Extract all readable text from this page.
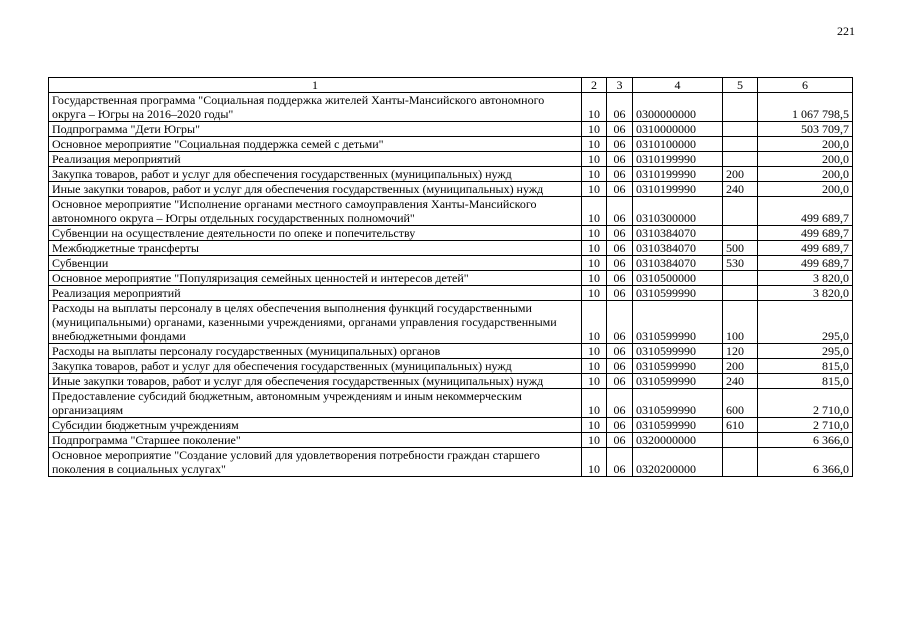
221
1	2	3	4	5	6
Государственная программа "Социальная поддержка жителей Ханты-Мансийского автономного округа – Югры на 2016–2020 годы"	10	06	0300000000		1 067 798,5
Подпрограмма "Дети Югры"	10	06	0310000000		503 709,7
Основное мероприятие "Социальная поддержка семей с детьми"	10	06	0310100000		200,0
Реализация мероприятий	10	06	0310199990		200,0
Закупка товаров, работ и услуг для обеспечения государственных (муниципальных) нужд	10	06	0310199990	200	200,0
Иные закупки товаров, работ и услуг для обеспечения государственных (муниципальных) нужд	10	06	0310199990	240	200,0
Основное мероприятие "Исполнение органами местного самоуправления Ханты-Мансийского автономного округа – Югры отдельных государственных полномочий"	10	06	0310300000		499 689,7
Субвенции на осуществление деятельности по опеке и попечительству	10	06	0310384070		499 689,7
Межбюджетные трансферты	10	06	0310384070	500	499 689,7
Субвенции	10	06	0310384070	530	499 689,7
Основное мероприятие "Популяризация семейных ценностей и интересов детей"	10	06	0310500000		3 820,0
Реализация мероприятий	10	06	0310599990		3 820,0
Расходы на выплаты персоналу в целях обеспечения выполнения функций государственными (муниципальными) органами, казенными учреждениями, органами управления государственными внебюджетными фондами	10	06	0310599990	100	295,0
Расходы на выплаты персоналу государственных (муниципальных) органов	10	06	0310599990	120	295,0
Закупка товаров, работ и услуг для обеспечения государственных (муниципальных) нужд	10	06	0310599990	200	815,0
Иные закупки товаров, работ и услуг для обеспечения государственных (муниципальных) нужд	10	06	0310599990	240	815,0
Предоставление субсидий бюджетным, автономным учреждениям и иным некоммерческим организациям	10	06	0310599990	600	2 710,0
Субсидии бюджетным учреждениям	10	06	0310599990	610	2 710,0
Подпрограмма "Старшее поколение"	10	06	0320000000		6 366,0
Основное мероприятие "Создание условий для удовлетворения потребности граждан старшего поколения в социальных услугах"	10	06	0320200000		6 366,0
